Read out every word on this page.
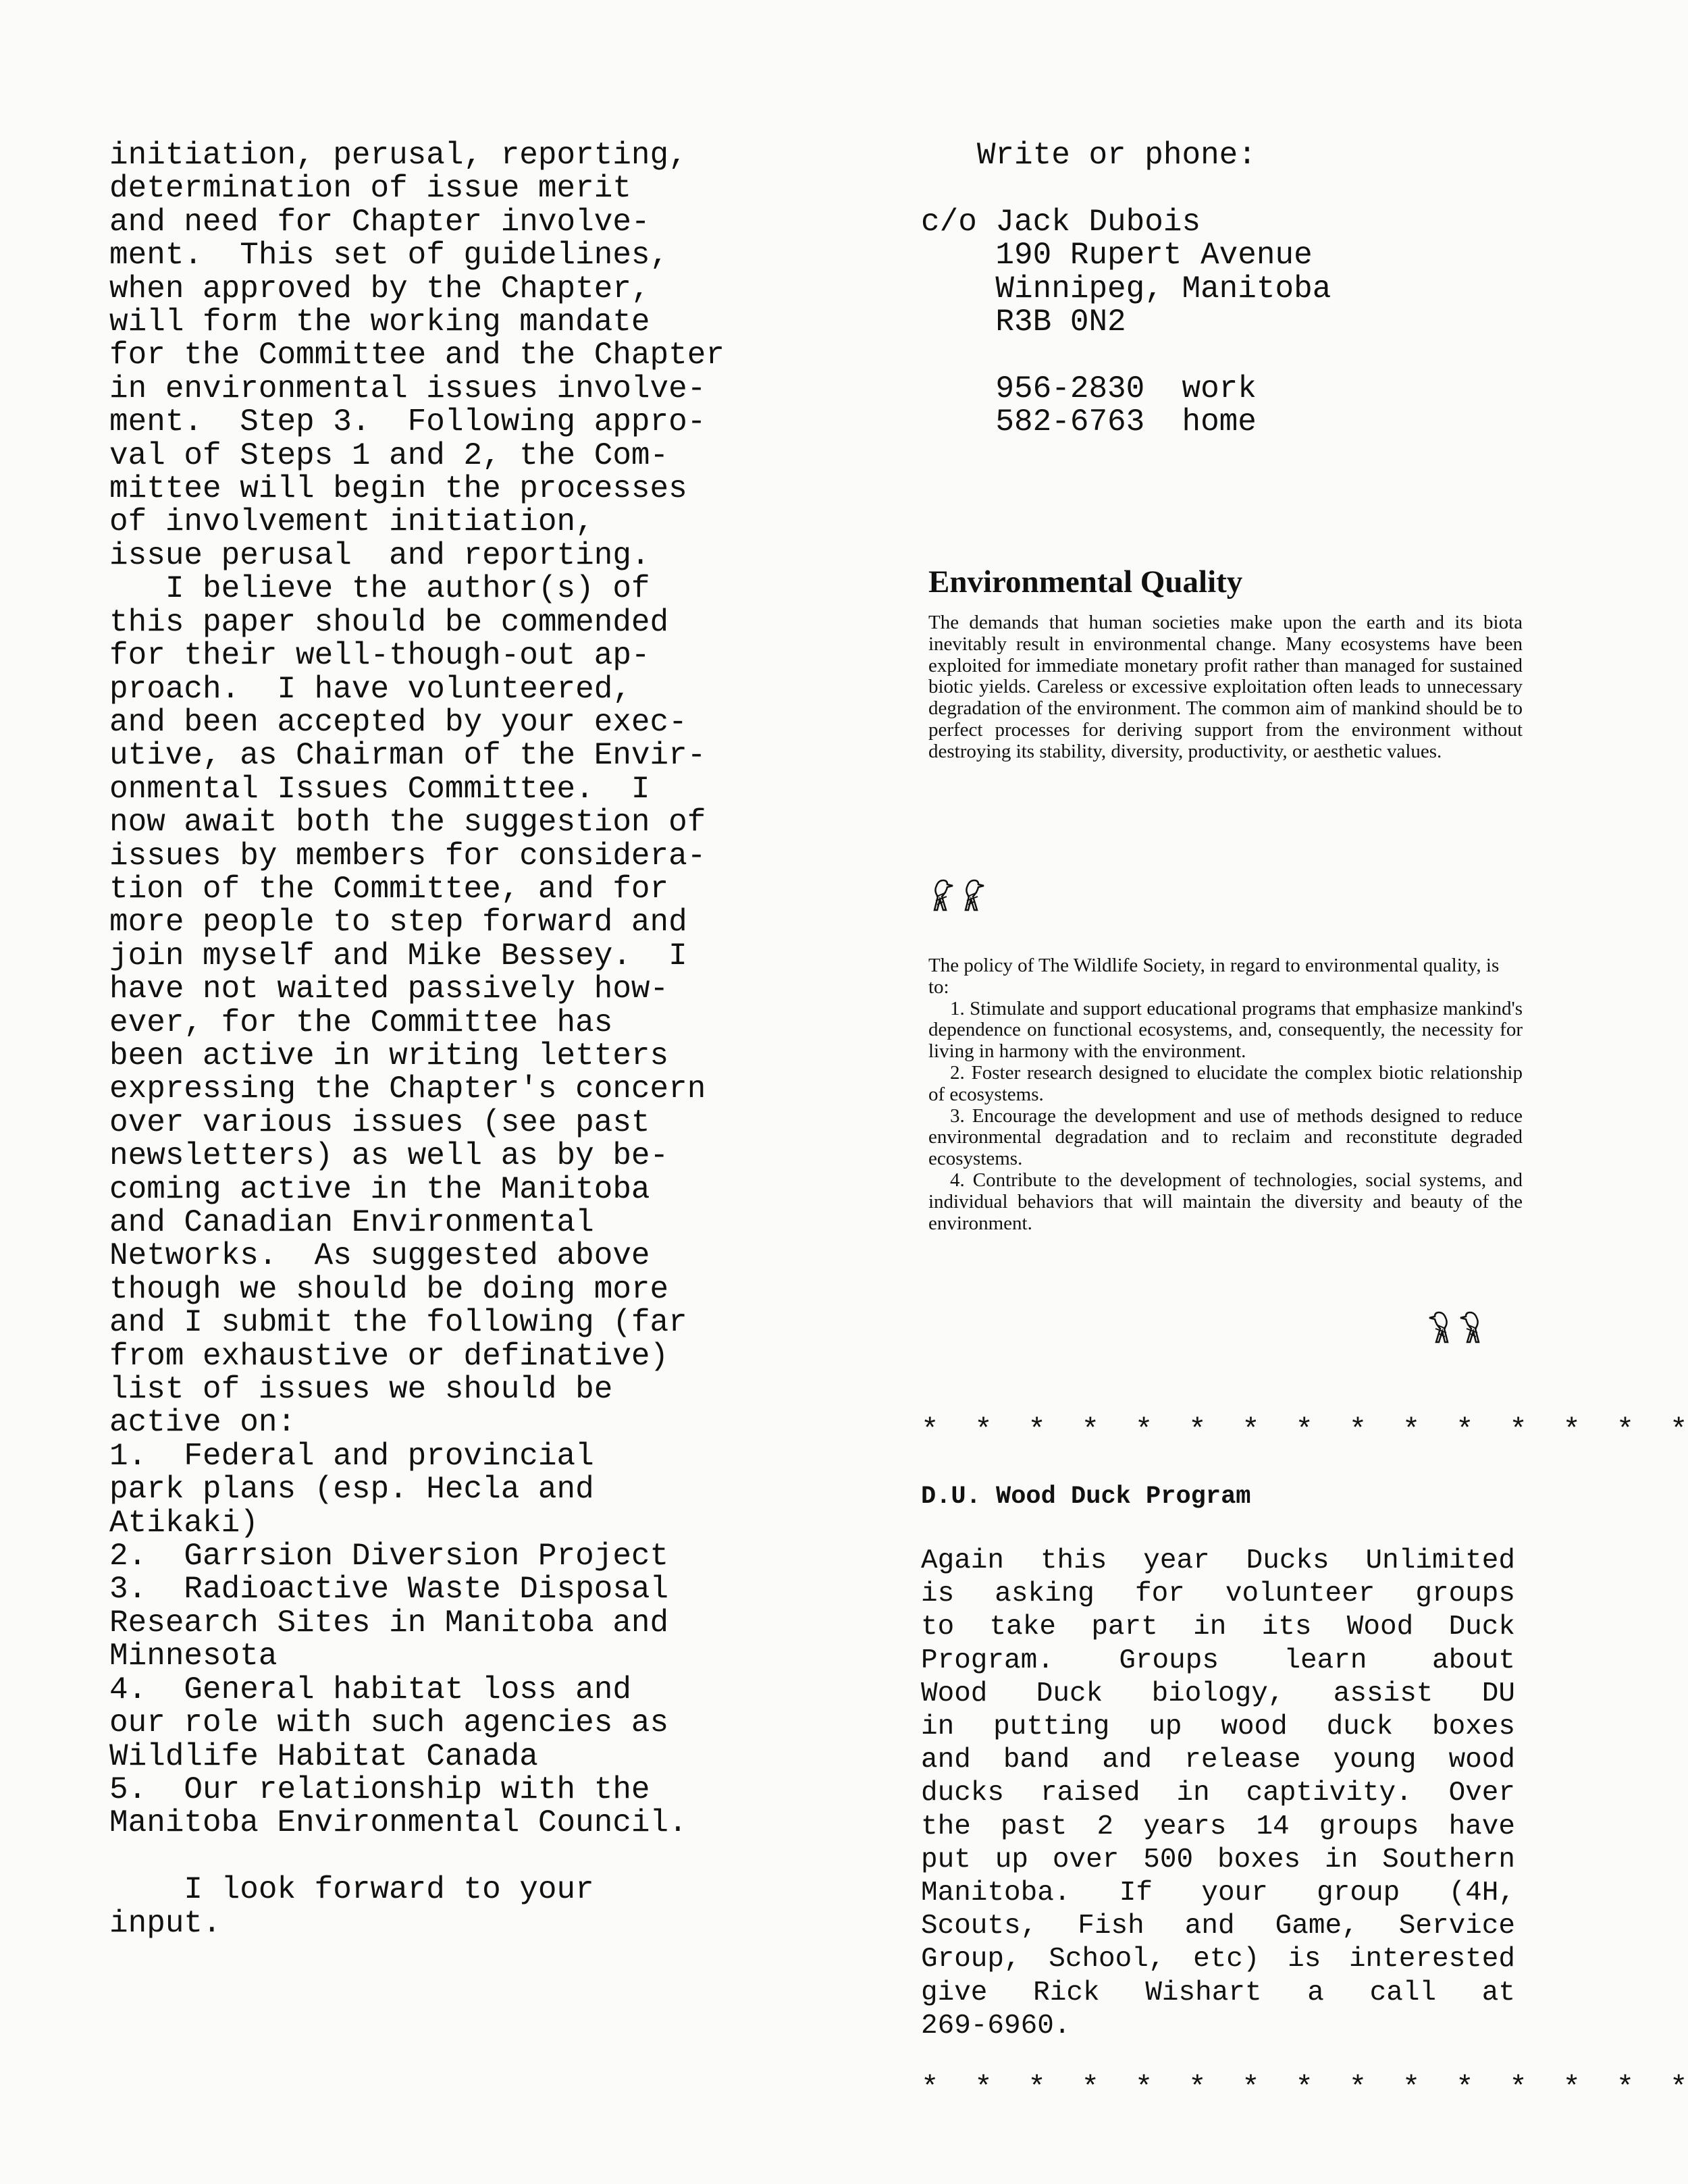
initiation, perusal, reporting,
determination of issue merit
and need for Chapter involve-
ment.  This set of guidelines,
when approved by the Chapter,
will form the working mandate
for the Committee and the Chapter
in environmental issues involve-
ment.  Step 3.  Following appro-
val of Steps 1 and 2, the Com-
mittee will begin the processes
of involvement initiation,
issue perusal  and reporting.
I believe the author(s) of
this paper should be commended
for their well-though-out ap-
proach.  I have volunteered,
and been accepted by your exec-
utive, as Chairman of the Envir-
onmental Issues Committee.  I
now await both the suggestion of
issues by members for considera-
tion of the Committee, and for
more people to step forward and
join myself and Mike Bessey.  I
have not waited passively how-
ever, for the Committee has
been active in writing letters
expressing the Chapter's concern
over various issues (see past
newsletters) as well as by be-
coming active in the Manitoba
and Canadian Environmental
Networks.  As suggested above
though we should be doing more
and I submit the following (far
from exhaustive or definative)
list of issues we should be
active on:
1.  Federal and provincial
park plans (esp. Hecla and
Atikaki)
2.  Garrsion Diversion Project
3.  Radioactive Waste Disposal
Research Sites in Manitoba and
Minnesota
4.  General habitat loss and
our role with such agencies as
Wildlife Habitat Canada
5.  Our relationship with the
Manitoba Environmental Council.

I look forward to your
input.
Write or phone:

c/o Jack Dubois
190 Rupert Avenue
Winnipeg, Manitoba
R3B 0N2

956-2830  work
582-6763  home
Environmental Quality

The demands that human societies make upon the earth and its biota inevitably result in environmental change. Many ecosystems have been exploited for immediate monetary profit rather than managed for sustained biotic yields. Careless or excessive exploitation often leads to unnecessary degradation of the environment. The common aim of mankind should be to perfect processes for deriving support from the environment without destroying its stability, diversity, productivity, or aesthetic values.

The policy of The Wildlife Society, in regard to environmental quality, is to:

1. Stimulate and support educational programs that emphasize mankind's dependence on functional ecosystems, and, consequently, the necessity for living in harmony with the environment.

2. Foster research designed to elucidate the complex biotic relationship of ecosystems.

3. Encourage the development and use of methods designed to reduce environmental degradation and to reclaim and reconstitute degraded ecosystems.

4. Contribute to the development of technologies, social systems, and individual behaviors that will maintain the diversity and beauty of the environment.

*  *  *  *  *  *  *  *  *  *  *  *  *  *  *
D.U. Wood Duck Program
Again this year Ducks Unlimited
is asking for volunteer groups
to take part in its Wood Duck
Program. Groups learn about
Wood Duck biology, assist DU
in putting up wood duck boxes
and band and release young wood
ducks raised in captivity. Over
the past 2 years 14 groups have
put up over 500 boxes in Southern
Manitoba. If your group (4H,
Scouts, Fish and Game, Service
Group, School, etc) is interested
give Rick Wishart a call at
269-6960.
*  *  *  *  *  *  *  *  *  *  *  *  *  *  *
